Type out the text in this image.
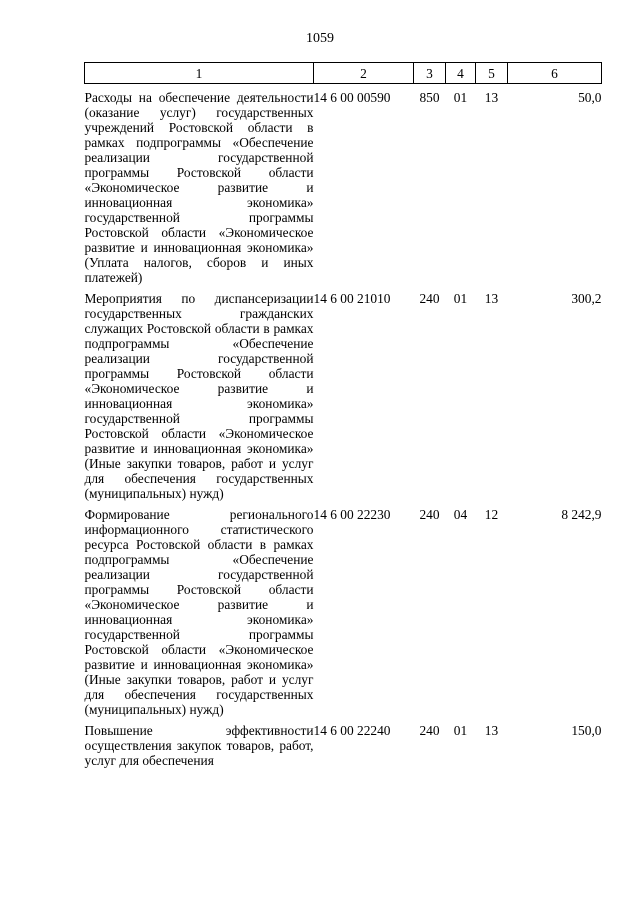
1059
1	2	3	4	5	6
Расходы на обеспечение деятельности (оказание услуг) государственных учреждений Ростовской области в рамках подпрограммы «Обеспечение реализации государственной программы Ростовской области «Экономическое развитие и инновационная экономика» государственной программы Ростовской области «Экономическое развитие и инновационная экономика» (Уплата налогов, сборов и иных платежей)	14 6 00 00590	850	01	13	50,0
Мероприятия по диспансеризации государственных гражданских служащих Ростовской области в рамках подпрограммы «Обеспечение реализации государственной программы Ростовской области «Экономическое развитие и инновационная экономика» государственной программы Ростовской области «Экономическое развитие и инновационная экономика» (Иные закупки товаров, работ и услуг для обеспечения государственных (муниципальных) нужд)	14 6 00 21010	240	01	13	300,2
Формирование регионального информационного статистического ресурса Ростовской области в рамках подпрограммы «Обеспечение реализации государственной программы Ростовской области «Экономическое развитие и инновационная экономика» государственной программы Ростовской области «Экономическое развитие и инновационная экономика» (Иные закупки товаров, работ и услуг для обеспечения государственных (муниципальных) нужд)	14 6 00 22230	240	04	12	8 242,9
Повышение эффективности осуществления закупок товаров, работ, услуг для обеспечения	14 6 00 22240	240	01	13	150,0
